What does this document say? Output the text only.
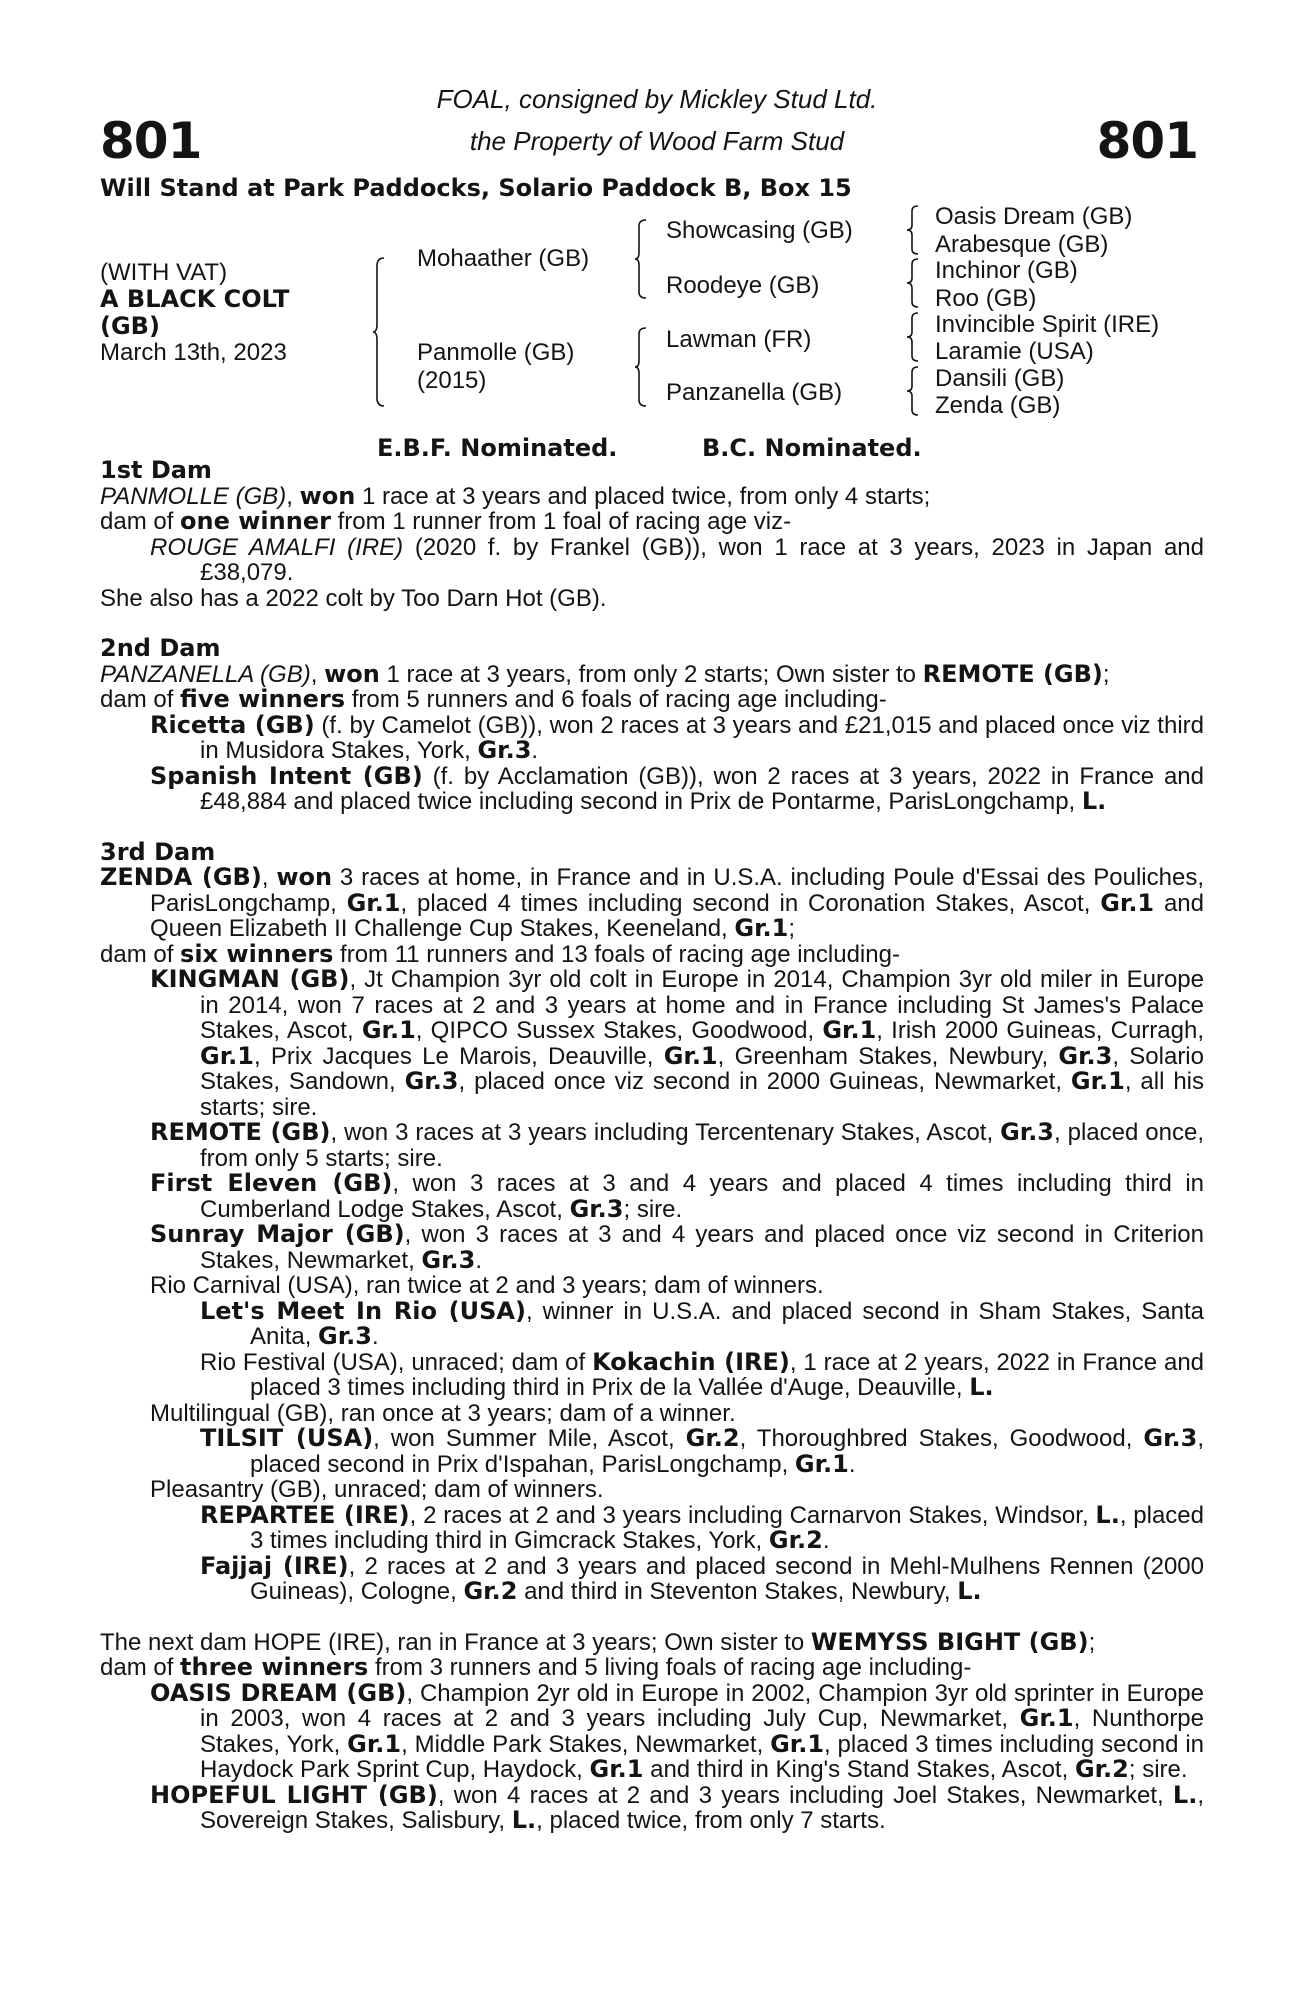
801	801
FOAL, consigned by Mickley Stud Ltd.
the Property of Wood Farm Stud
Will Stand at Park Paddocks, Solario Paddock B, Box 15
(WITH VAT)
A BLACK COLT
(GB)
March 13th, 2023
Mohaather (GB)
Panmolle (GB)
(2015)
Showcasing (GB)
Roodeye (GB)
Lawman (FR)
Panzanella (GB)
Oasis Dream (GB)
Arabesque (GB)
Inchinor (GB)
Roo (GB)
Invincible Spirit (IRE)
Laramie (USA)
Dansili (GB)
Zenda (GB)
E.B.F. Nominated.	B.C. Nominated.

1st Dam

PANMOLLE (GB), won 1 race at 3 years and placed twice, from only 4 starts;

dam of one winner from 1 runner from 1 foal of racing age viz-

ROUGE AMALFI (IRE) (2020 f. by Frankel (GB)), won 1 race at 3 years, 2023 in Japan and £38,079.

She also has a 2022 colt by Too Darn Hot (GB).

2nd Dam

PANZANELLA (GB), won 1 race at 3 years, from only 2 starts; Own sister to REMOTE (GB);

dam of five winners from 5 runners and 6 foals of racing age including-

Ricetta (GB) (f. by Camelot (GB)), won 2 races at 3 years and £21,015 and placed once viz third in Musidora Stakes, York, Gr.3.

Spanish Intent (GB) (f. by Acclamation (GB)), won 2 races at 3 years, 2022 in France and £48,884 and placed twice including second in Prix de Pontarme, ParisLongchamp, L.

3rd Dam

ZENDA (GB), won 3 races at home, in France and in U.S.A. including Poule d'Essai des Pouliches, ParisLongchamp, Gr.1, placed 4 times including second in Coronation Stakes, Ascot, Gr.1 and Queen Elizabeth II Challenge Cup Stakes, Keeneland, Gr.1;

dam of six winners from 11 runners and 13 foals of racing age including-

KINGMAN (GB), Jt Champion 3yr old colt in Europe in 2014, Champion 3yr old miler in Europe in 2014, won 7 races at 2 and 3 years at home and in France including St James's Palace Stakes, Ascot, Gr.1, QIPCO Sussex Stakes, Goodwood, Gr.1, Irish 2000 Guineas, Curragh, Gr.1, Prix Jacques Le Marois, Deauville, Gr.1, Greenham Stakes, Newbury, Gr.3, Solario Stakes, Sandown, Gr.3, placed once viz second in 2000 Guineas, Newmarket, Gr.1, all his starts; sire.

REMOTE (GB), won 3 races at 3 years including Tercentenary Stakes, Ascot, Gr.3, placed once, from only 5 starts; sire.

First Eleven (GB), won 3 races at 3 and 4 years and placed 4 times including third in Cumberland Lodge Stakes, Ascot, Gr.3; sire.

Sunray Major (GB), won 3 races at 3 and 4 years and placed once viz second in Criterion Stakes, Newmarket, Gr.3.

Rio Carnival (USA), ran twice at 2 and 3 years; dam of winners.

Let's Meet In Rio (USA), winner in U.S.A. and placed second in Sham Stakes, Santa Anita, Gr.3.

Rio Festival (USA), unraced; dam of Kokachin (IRE), 1 race at 2 years, 2022 in France and placed 3 times including third in Prix de la Vallée d'Auge, Deauville, L.

Multilingual (GB), ran once at 3 years; dam of a winner.

TILSIT (USA), won Summer Mile, Ascot, Gr.2, Thoroughbred Stakes, Goodwood, Gr.3, placed second in Prix d'Ispahan, ParisLongchamp, Gr.1.

Pleasantry (GB), unraced; dam of winners.

REPARTEE (IRE), 2 races at 2 and 3 years including Carnarvon Stakes, Windsor, L., placed 3 times including third in Gimcrack Stakes, York, Gr.2.

Fajjaj (IRE), 2 races at 2 and 3 years and placed second in Mehl-Mulhens Rennen (2000 Guineas), Cologne, Gr.2 and third in Steventon Stakes, Newbury, L.

The next dam HOPE (IRE), ran in France at 3 years; Own sister to WEMYSS BIGHT (GB);

dam of three winners from 3 runners and 5 living foals of racing age including-

OASIS DREAM (GB), Champion 2yr old in Europe in 2002, Champion 3yr old sprinter in Europe in 2003, won 4 races at 2 and 3 years including July Cup, Newmarket, Gr.1, Nunthorpe Stakes, York, Gr.1, Middle Park Stakes, Newmarket, Gr.1, placed 3 times including second in Haydock Park Sprint Cup, Haydock, Gr.1 and third in King's Stand Stakes, Ascot, Gr.2; sire.

HOPEFUL LIGHT (GB), won 4 races at 2 and 3 years including Joel Stakes, Newmarket, L., Sovereign Stakes, Salisbury, L., placed twice, from only 7 starts.
